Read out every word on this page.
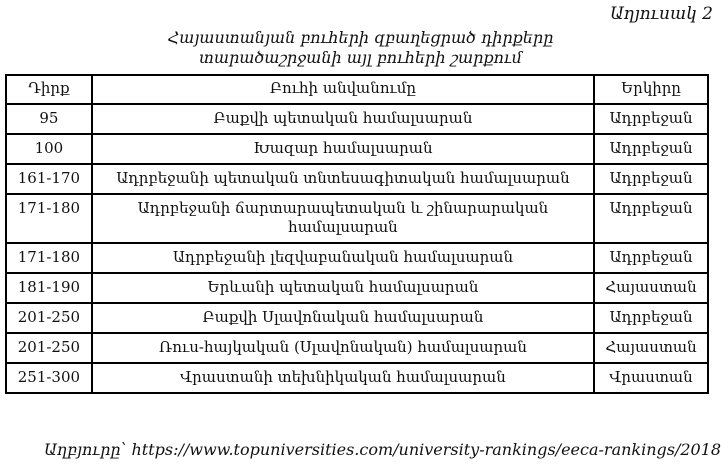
Աղյուսակ 2
Հայաստանյան բուհերի զբաղեցրած դիրքերը
տարածաշրջանի այլ բուհերի շարքում
Դիրք	Բուհի անվանումը	Երկիրը
95	Բաքվի պետական համալսարան	Ադրբեջան
100	Խազար համալսարան	Ադրբեջան
161-170	Ադրբեջանի պետական տնտեսագիտական համալսարան	Ադրբեջան
171-180	Ադրբեջանի ճարտարապետական և շինարարական համալսարան	Ադրբեջան
171-180	Ադրբեջանի լեզվաբանական համալսարան	Ադրբեջան
181-190	Երևանի պետական համալսարան	Հայաստան
201-250	Բաքվի Սլավոնական համալսարան	Ադրբեջան
201-250	Ռուս-հայկական (Սլավոնական) համալսարան	Հայաստան
251-300	Վրաստանի տեխնիկական համալսարան	Վրաստան
Աղբյուրը՝ https://www.topuniversities.com/university-rankings/eeca-rankings/2018
